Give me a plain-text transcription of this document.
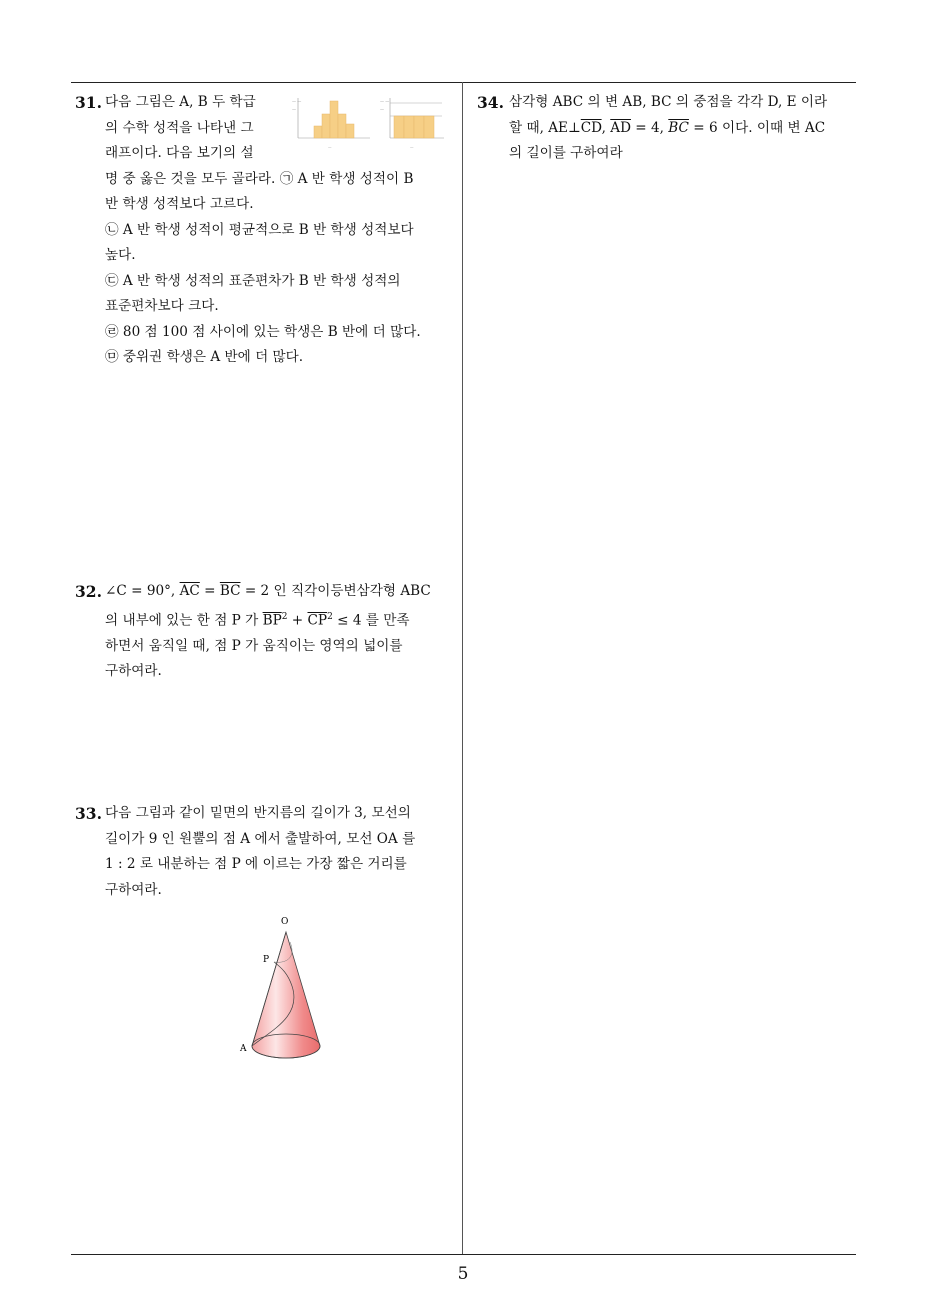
31. 다음 그림은 A, B 두 학급
의 수학 성적을 나타낸 그
래프이다. 다음 보기의 설
명 중 옳은 것을 모두 골라라. ㉠ A 반 학생 성적이 B
반 학생 성적보다 고르다.
㉡ A 반 학생 성적이 평균적으로 B 반 학생 성적보다
높다.
㉢ A 반 학생 성적의 표준편차가 B 반 학생 성적의
표준편차보다 크다.
㉣ 80 점 100 점 사이에 있는 학생은 B 반에 더 많다.
㉤ 중위권 학생은 A 반에 더 많다.
— —
—
—
— —
—
—
32. ∠C = 90°, $\overline{AC} = \overline{BC} = 2$ 인 직각이등변삼각형 ABC
의 내부에 있는 한 점 P 가 $\overline{BP}^2 + \overline{CP}^2 \le 4$ 를 만족
하면서 움직일 때, 점 P 가 움직이는 영역의 넓이를
구하여라.
33. 다음 그림과 같이 밑면의 반지름의 길이가 3, 모선의
길이가 9 인 원뿔의 점 A 에서 출발하여, 모선 OA 를
1 : 2 로 내분하는 점 P 에 이르는 가장 짧은 거리를
구하여라.
O
P
A
34. 삼각형 ABC 의 변 AB, BC 의 중점을 각각 D, E 이라
할 때, $AE\perp\overline{CD}$, $\overline{AD} = 4$, $\overline{BC} = 6$ 이다. 이때 변 AC
의 길이를 구하여라
5
